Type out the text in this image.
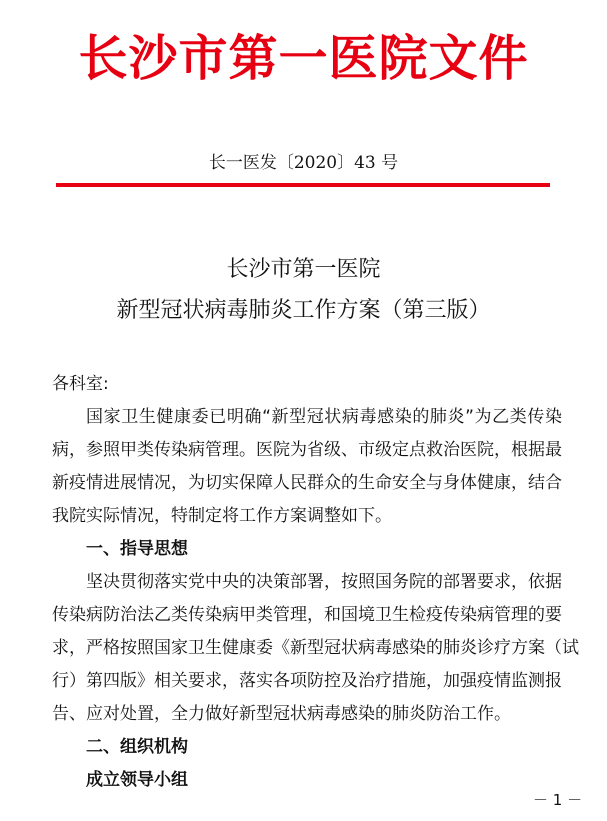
长沙市第一医院文件
长一医发〔2020〕43 号
长沙市第一医院
新型冠状病毒肺炎工作方案（第三版）
各科室:
国家卫生健康委已明确“新型冠状病毒感染的肺炎”为乙类传染
病，参照甲类传染病管理。医院为省级、市级定点救治医院，根据最
新疫情进展情况，为切实保障人民群众的生命安全与身体健康，结合
我院实际情况，特制定将工作方案调整如下。
一、指导思想
坚决贯彻落实党中央的决策部署，按照国务院的部署要求，依据
传染病防治法乙类传染病甲类管理，和国境卫生检疫传染病管理的要
求，严格按照国家卫生健康委《新型冠状病毒感染的肺炎诊疗方案（试
行）第四版》相关要求，落实各项防控及治疗措施，加强疫情监测报
告、应对处置，全力做好新型冠状病毒感染的肺炎防治工作。
二、组织机构
成立领导小组
－ 1 －
